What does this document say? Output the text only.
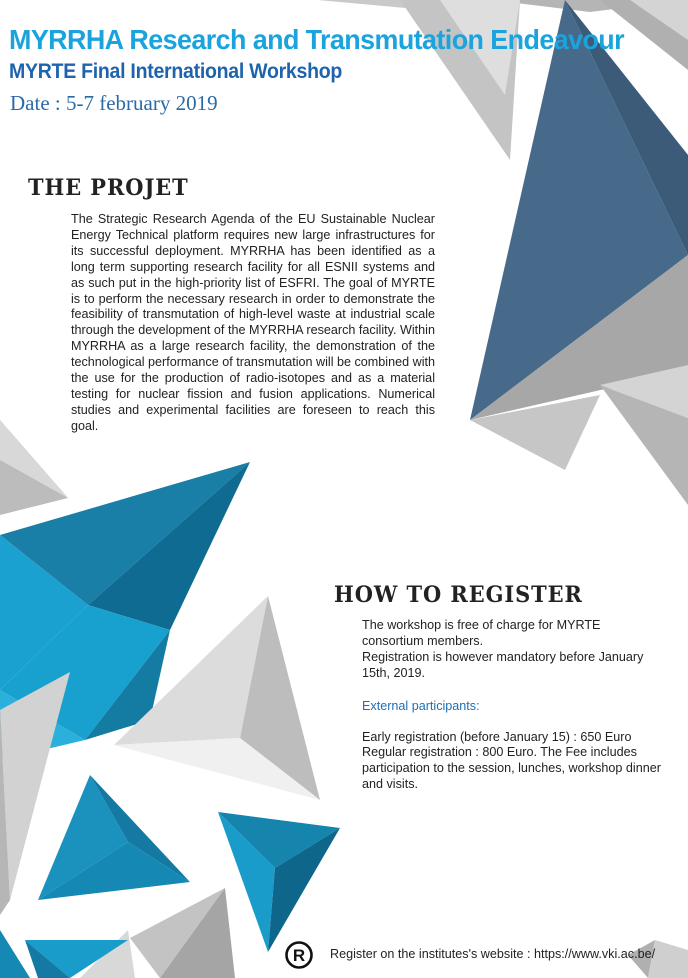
MYRRHA Research and Transmutation Endeavour
MYRTE Final International Workshop
Date : 5-7 february 2019
THE PROJET
The Strategic Research Agenda of the EU Sustainable Nuclear Energy Technical platform requires new large infrastructures for its successful deployment. MYRRHA has been identified as a long term supporting research facility for all ESNII systems and as such put in the high-priority list of ESFRI. The goal of MYRTE is to perform the necessary research in order to demonstrate the feasibility of transmutation of high-level waste at industrial scale through the development of the MYRRHA research facility. Within MYRRHA as a large research facility, the demonstration of the technological performance of transmutation will be combined with the use for the production of radio-isotopes and as a material testing for nuclear fission and fusion applications. Numerical studies and experimental facilities are foreseen to reach this goal.
HOW TO REGISTER

The workshop is free of charge for MYRTE consortium members.

Registration is however mandatory before January 15th, 2019.

External participants:

Early registration (before January 15) : 650 Euro

Regular registration : 800 Euro. The Fee includes participation to the session, lunches, workshop dinner and visits.

R Register on the institutes's website : https://www.vki.ac.be/
